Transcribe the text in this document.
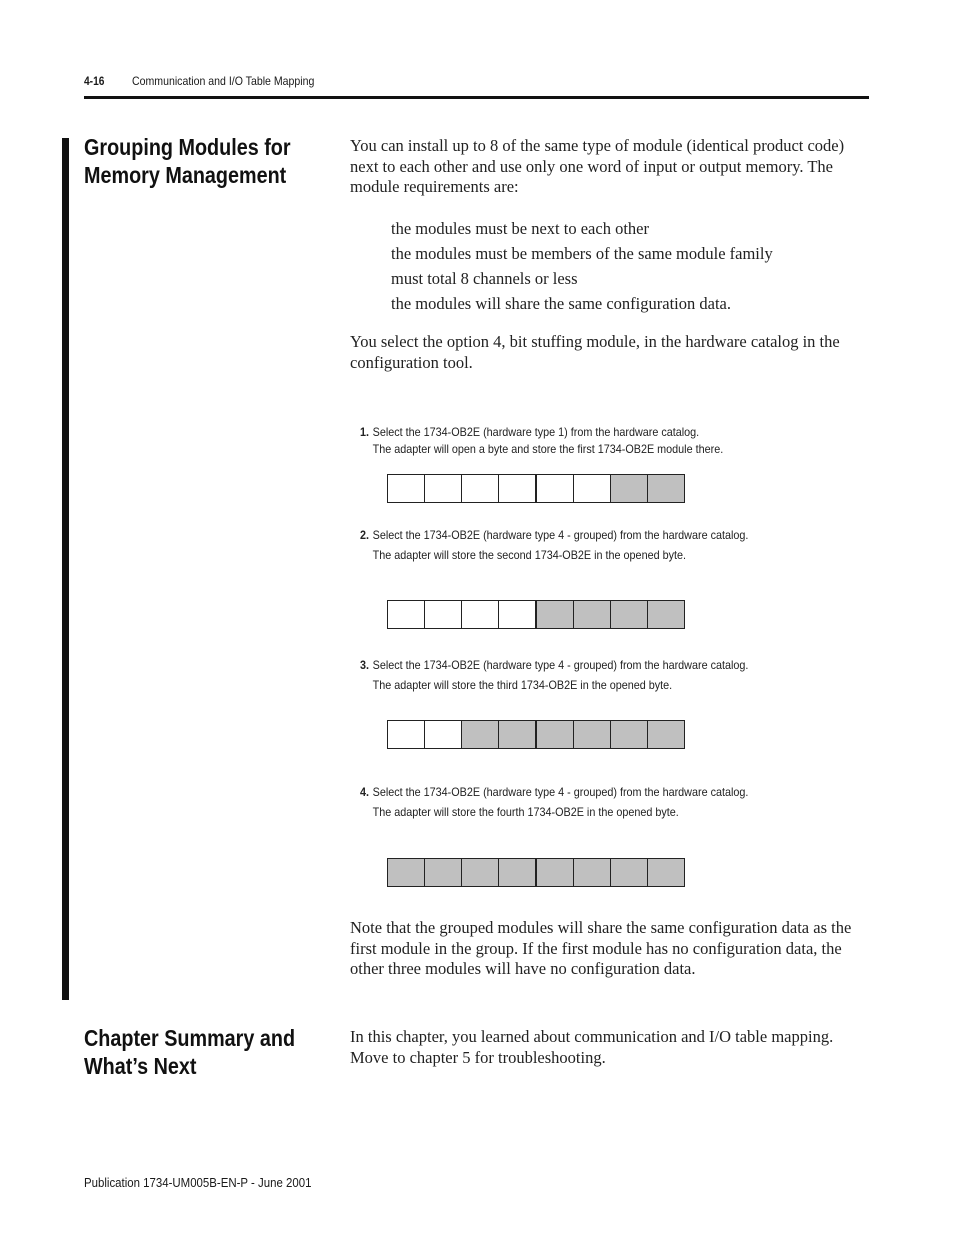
4-16 Communication and I/O Table Mapping
Grouping Modules for
Memory Management

You can install up to 8 of the same type of module (identical product code) next to each other and use only one word of input or output memory. The module requirements are:

the modules must be next to each other
the modules must be members of the same module family
must total 8 channels or less
the modules will share the same configuration data.

You select the option 4, bit stuffing module, in the hardware catalog in the configuration tool.

1. Select the 1734-OB2E (hardware type 1) from the hardware catalog.
The adapter will open a byte and store the first 1734-OB2E module there.
2. Select the 1734-OB2E (hardware type 4 - grouped) from the hardware catalog.
The adapter will store the second 1734-OB2E in the opened byte.
3. Select the 1734-OB2E (hardware type 4 - grouped) from the hardware catalog.
The adapter will store the third 1734-OB2E in the opened byte.
4. Select the 1734-OB2E (hardware type 4 - grouped) from the hardware catalog.
The adapter will store the fourth 1734-OB2E in the opened byte.

Note that the grouped modules will share the same configuration data as the first module in the group. If the first module has no configuration data, the other three modules will have no configuration data.

Chapter Summary and
What’s Next

In this chapter, you learned about communication and I/O table mapping. Move to chapter 5 for troubleshooting.

Publication 1734-UM005B-EN-P - June 2001
